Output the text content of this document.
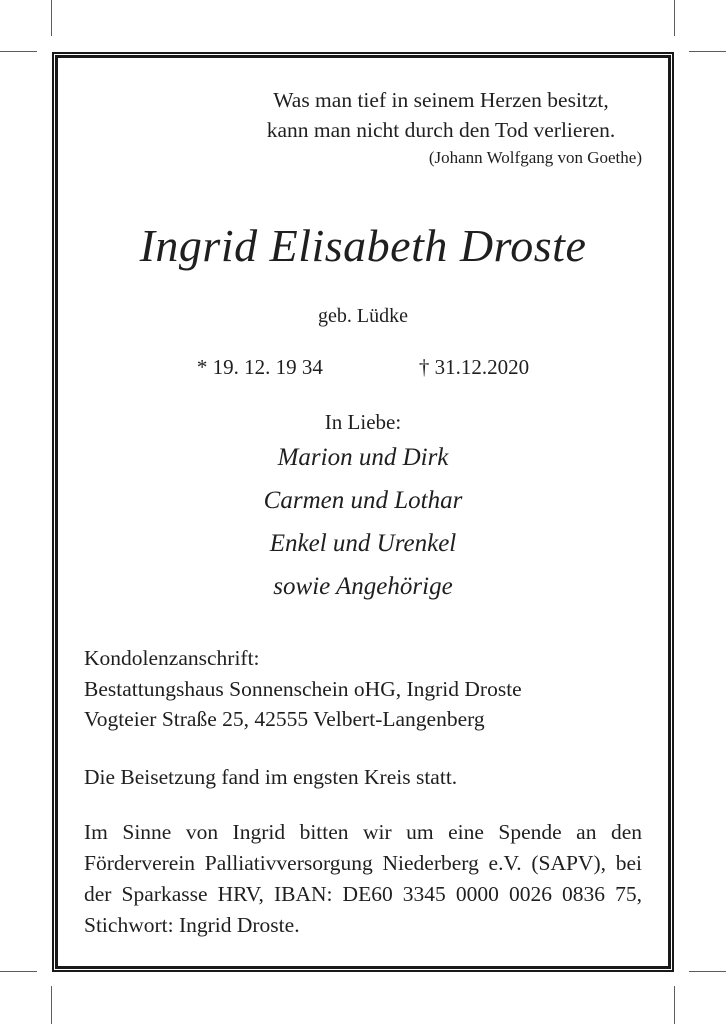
Was man tief in seinem Herzen besitzt,
kann man nicht durch den Tod verlieren.
(Johann Wolfgang von Goethe)
Ingrid Elisabeth Droste
geb. Lüdke
* 19. 12. 19 34	† 31.12.2020
In Liebe:
Marion und Dirk
Carmen und Lothar
Enkel und Urenkel
sowie Angehörige
Kondolenzanschrift:
Bestattungshaus Sonnenschein oHG, Ingrid Droste
Vogteier Straße 25, 42555 Velbert-Langenberg

Die Beisetzung fand im engsten Kreis statt.

Im Sinne von Ingrid bitten wir um eine Spende an den
Förderverein Palliativversorgung Niederberg e.V. (SAPV), bei
der Sparkasse HRV, IBAN: DE60 3345 0000 0026 0836 75,
Stichwort: Ingrid Droste.
